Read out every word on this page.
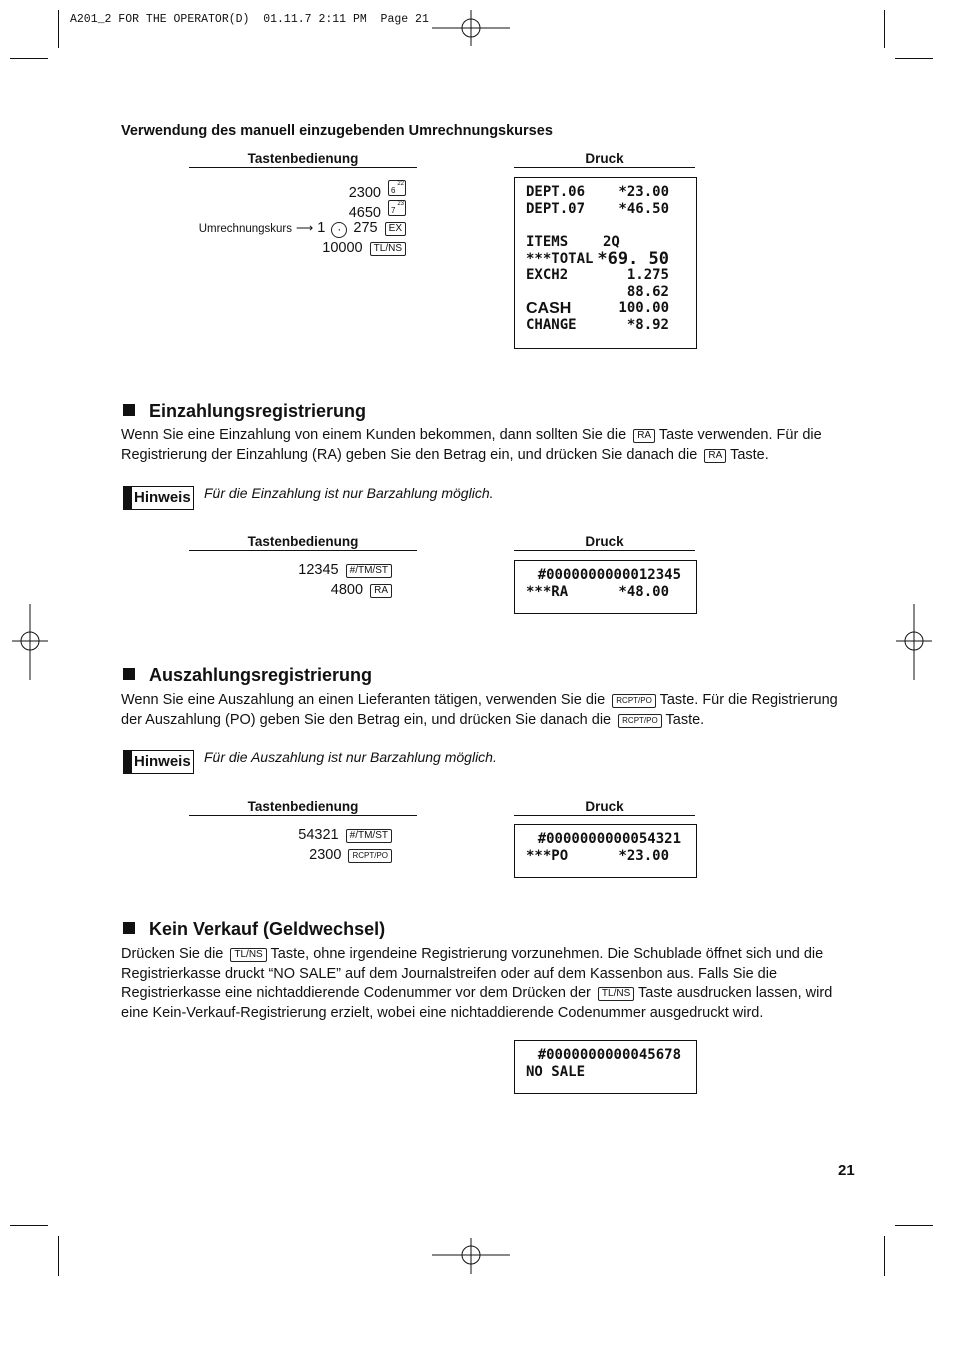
A201_2 FOR THE OPERATOR(D)  01.11.7 2:11 PM  Page 21
Verwendung des manuell einzugebenden Umrechnungskurses
Tastenbedienung	Druck
2300 6
22
4650 7
23
Umrechnungskurs ⟶ 1 · 275 EX
10000 TL/NS
DEPT.06 *23.00
DEPT.07 *46.50
ITEMS 2Q
***TOTAL *69. 50
EXCH2	1.275
88.62
CASH	100.00
CHANGE	*8.92
Einzahlungsregistrierung
Wenn Sie eine Einzahlung von einem Kunden bekommen, dann sollten Sie die RA Taste verwenden. Für die
Registrierung der Einzahlung (RA) geben Sie den Betrag ein, und drücken Sie danach die RA Taste.
Hinweis Für die Einzahlung ist nur Barzahlung möglich.
Tastenbedienung	Druck
12345 #/TM/ST
4800 RA
#0000000000012345
***RA	*48.00
Auszahlungsregistrierung
Wenn Sie eine Auszahlung an einen Lieferanten tätigen, verwenden Sie die RCPT/PO Taste. Für die Registrierung
der Auszahlung (PO) geben Sie den Betrag ein, und drücken Sie danach die RCPT/PO Taste.
Hinweis Für die Auszahlung ist nur Barzahlung möglich.
Tastenbedienung	Druck
54321 #/TM/ST
2300 RCPT/PO
#0000000000054321
***PO	*23.00
Kein Verkauf (Geldwechsel)
Drücken Sie die TL/NS Taste, ohne irgendeine Registrierung vorzunehmen. Die Schublade öffnet sich und die
Registrierkasse druckt “NO SALE” auf dem Journalstreifen oder auf dem Kassenbon aus. Falls Sie die
Registrierkasse eine nichtaddierende Codenummer vor dem Drücken der TL/NS Taste ausdrucken lassen, wird
eine Kein-Verkauf-Registrierung erzielt, wobei eine nichtaddierende Codenummer ausgedruckt wird.
#0000000000045678
NO SALE
21
